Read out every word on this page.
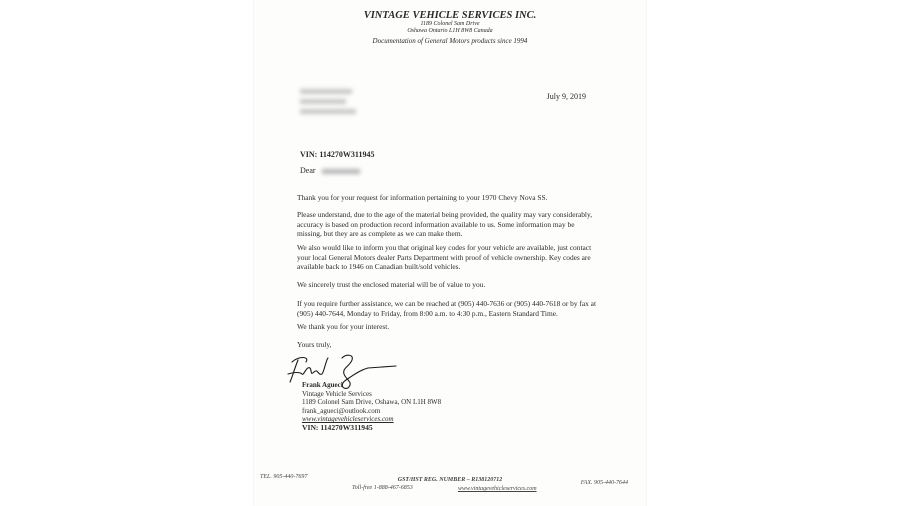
VINTAGE VEHICLE SERVICES INC.
1189 Colonel Sam Drive
Oshawa Ontario L1H 8W8 Canada
Documentation of General Motors products since 1994
July 9, 2019
VIN: 114270W311945
Dear

Thank you for your request for information pertaining to your 1970 Chevy Nova SS.

Please understand, due to the age of the material being provided, the quality may vary considerably, accuracy is based on production record information available to us. Some information may be missing, but they are as complete as we can make them.

We also would like to inform you that original key codes for your vehicle are available, just contact your local General Motors dealer Parts Department with proof of vehicle ownership. Key codes are available back to 1946 on Canadian built/sold vehicles.

We sincerely trust the enclosed material will be of value to you.

If you require further assistance, we can be reached at (905) 440-7636 or (905) 440-7618 or by fax at (905) 440-7644, Monday to Friday, from 8:00 a.m. to 4:30 p.m., Eastern Standard Time.

We thank you for your interest.

Yours truly,

Frank Agueci
Vintage Vehicle Services
1189 Colonel Sam Drive, Oshawa, ON L1H 8W8
frank_agueci@outlook.com
www.vintagevehicleservices.com
VIN: 114270W311945
TEL. 905-440-7697	GST/HST REG. NUMBER – R138120712
Toll-free 1-888-467-6853	www.vintagevehicleservices.com
FAX. 905-440-7644
